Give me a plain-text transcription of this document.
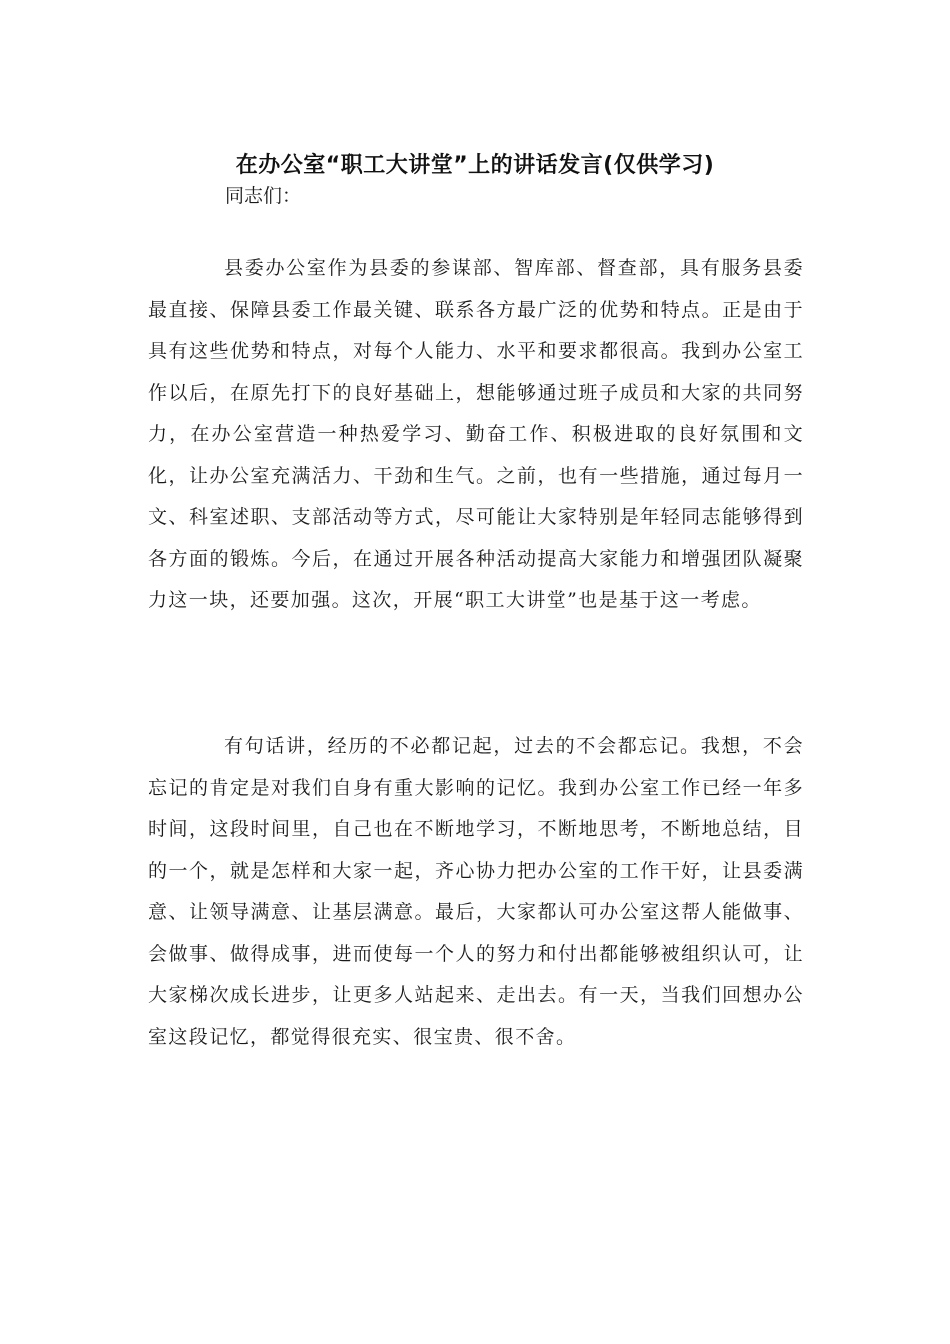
在办公室“职工大讲堂”上的讲话发言(仅供学习)

同志们：

县委办公室作为县委的参谋部、智库部、督查部，具有服务县委最直接、保障县委工作最关键、联系各方最广泛的优势和特点。正是由于具有这些优势和特点，对每个人能力、水平和要求都很高。我到办公室工作以后，在原先打下的良好基础上，想能够通过班子成员和大家的共同努力，在办公室营造一种热爱学习、勤奋工作、积极进取的良好氛围和文化，让办公室充满活力、干劲和生气。之前，也有一些措施，通过每月一文、科室述职、支部活动等方式，尽可能让大家特别是年轻同志能够得到各方面的锻炼。今后，在通过开展各种活动提高大家能力和增强团队凝聚力这一块，还要加强。这次，开展“职工大讲堂”也是基于这一考虑。

有句话讲，经历的不必都记起，过去的不会都忘记。我想，不会忘记的肯定是对我们自身有重大影响的记忆。我到办公室工作已经一年多时间，这段时间里，自己也在不断地学习，不断地思考，不断地总结，目的一个，就是怎样和大家一起，齐心协力把办公室的工作干好，让县委满意、让领导满意、让基层满意。最后，大家都认可办公室这帮人能做事、会做事、做得成事，进而使每一个人的努力和付出都能够被组织认可，让大家梯次成长进步，让更多人站起来、走出去。有一天，当我们回想办公室这段记忆，都觉得很充实、很宝贵、很不舍。
